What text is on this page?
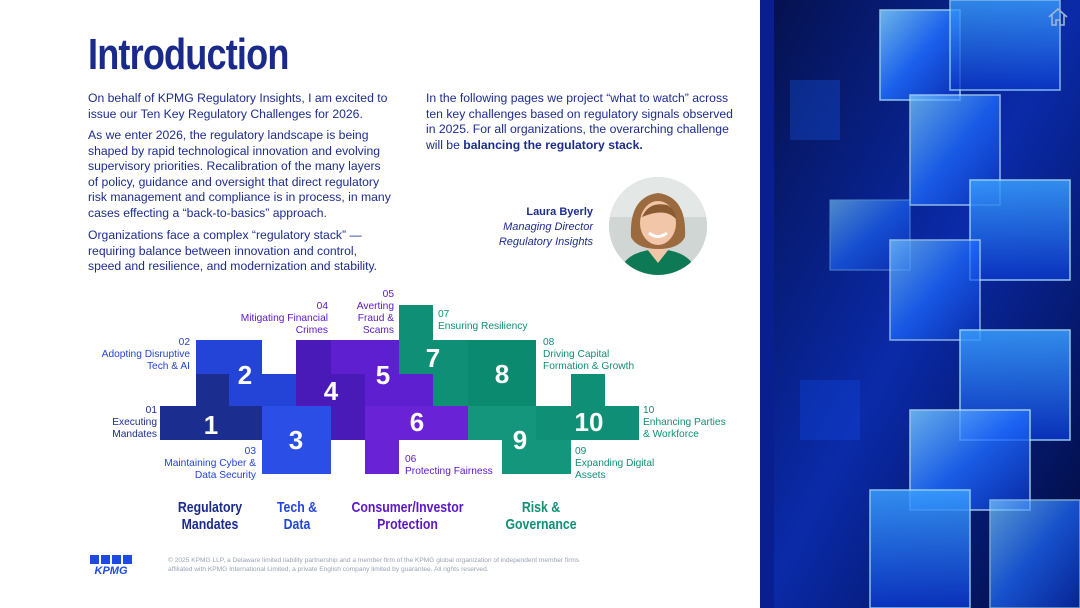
Introduction

On behalf of KPMG Regulatory Insights, I am excited to issue our Ten Key Regulatory Challenges for 2026.

As we enter 2026, the regulatory landscape is being shaped by rapid technological innovation and evolving supervisory priorities. Recalibration of the many layers of policy, guidance and oversight that direct regulatory risk management and compliance is in process, in many cases effecting a “back-to-basics” approach.

Organizations face a complex “regulatory stack” — requiring balance between innovation and control, speed and resilience, and modernization and stability.

In the following pages we project “what to watch” across ten key challenges based on regulatory signals observed in 2025. For all organizations, the overarching challenge will be balancing the regulatory stack.

Laura Byerly
Managing Director
Regulatory Insights
1
2
3
4
5
6
7
8
9
10
01
Executing Mandates
02
Adopting Disruptive Tech & AI
03
Maintaining Cyber & Data Security
04
Mitigating Financial Crimes
05
Averting Fraud & Scams
06
Protecting Fairness
07
Ensuring Resiliency
08
Driving Capital Formation & Growth
09
Expanding Digital Assets
10
Enhancing Parties & Workforce
Regulatory
Mandates
Tech &
Data
Consumer/Investor
Protection
Risk &
Governance
KPMG
© 2025 KPMG LLP, a Delaware limited liability partnership and a member firm of the KPMG global organization of independent member firms affiliated with KPMG International Limited, a private English company limited by guarantee. All rights reserved.
